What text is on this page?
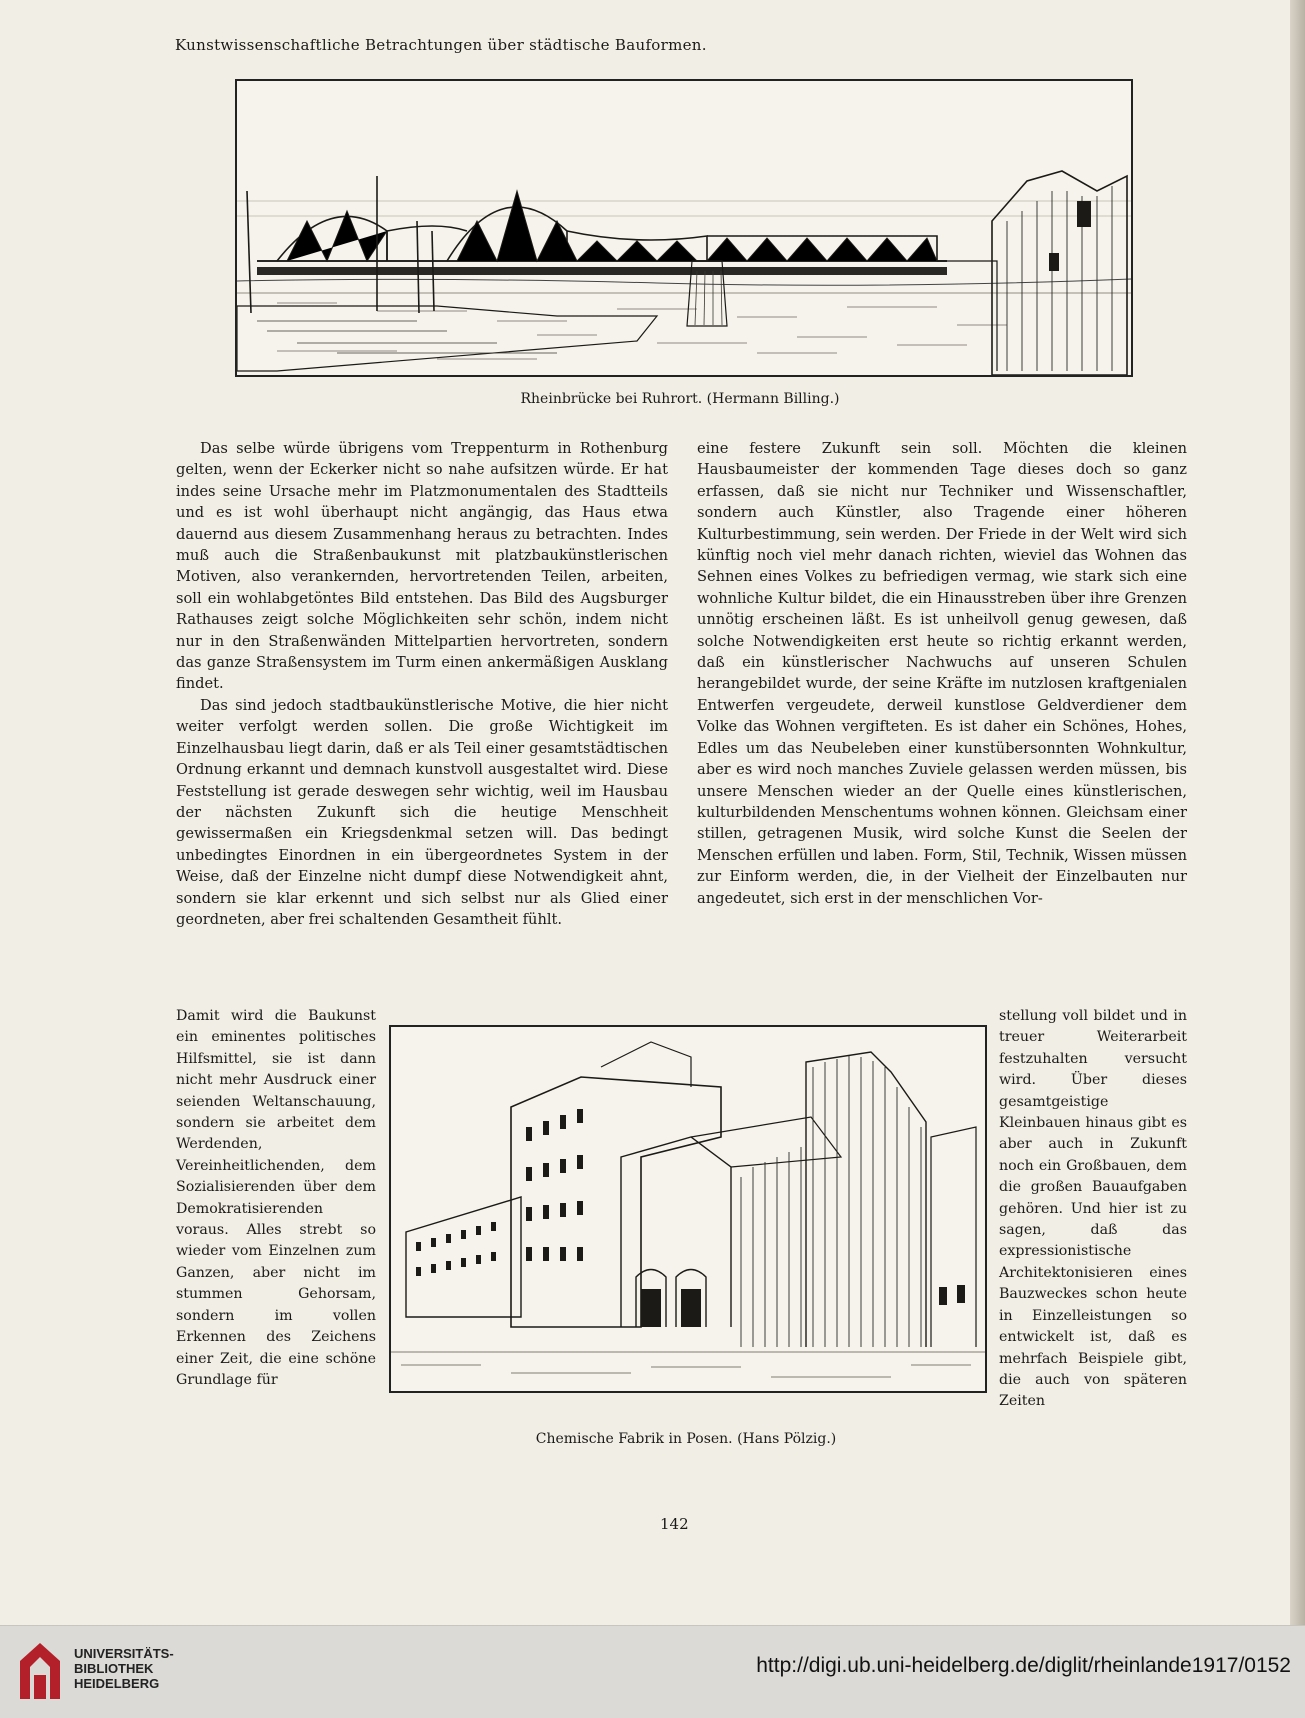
Kunstwissenschaftliche Betrachtungen über städtische Bauformen.
Rheinbrücke bei Ruhrort. (Hermann Billing.)

Das selbe würde übrigens vom Treppenturm in Rothenburg gelten, wenn der Eckerker nicht so nahe aufsitzen würde. Er hat indes seine Ursache mehr im Platzmonumentalen des Stadtteils und es ist wohl überhaupt nicht angängig, das Haus etwa dauernd aus diesem Zusammenhang heraus zu betrachten. Indes muß auch die Straßenbaukunst mit platzbaukünstlerischen Motiven, also verankernden, hervortretenden Teilen, arbeiten, soll ein wohlabgetöntes Bild entstehen. Das Bild des Augsburger Rathauses zeigt solche Möglichkeiten sehr schön, indem nicht nur in den Straßenwänden Mittelpartien hervortreten, sondern das ganze Straßensystem im Turm einen ankermäßigen Ausklang findet.

Das sind jedoch stadtbaukünstlerische Motive, die hier nicht weiter verfolgt werden sollen. Die große Wichtigkeit im Einzelhausbau liegt darin, daß er als Teil einer gesamtstädtischen Ordnung erkannt und demnach kunstvoll ausgestaltet wird. Diese Feststellung ist gerade deswegen sehr wichtig, weil im Hausbau der nächsten Zukunft sich die heutige Menschheit gewissermaßen ein Kriegsdenkmal setzen will. Das bedingt unbedingtes Einordnen in ein übergeordnetes System in der Weise, daß der Einzelne nicht dumpf diese Notwendigkeit ahnt, sondern sie klar erkennt und sich selbst nur als Glied einer geordneten, aber frei schaltenden Gesamtheit fühlt.

eine festere Zukunft sein soll. Möchten die kleinen Hausbaumeister der kommenden Tage dieses doch so ganz erfassen, daß sie nicht nur Techniker und Wissenschaftler, sondern auch Künstler, also Tragende einer höheren Kulturbestimmung, sein werden. Der Friede in der Welt wird sich künftig noch viel mehr danach richten, wieviel das Wohnen das Sehnen eines Volkes zu befriedigen vermag, wie stark sich eine wohnliche Kultur bildet, die ein Hinausstreben über ihre Grenzen unnötig erscheinen läßt. Es ist unheilvoll genug gewesen, daß solche Notwendigkeiten erst heute so richtig erkannt werden, daß ein künstlerischer Nachwuchs auf unseren Schulen herangebildet wurde, der seine Kräfte im nutzlosen kraftgenialen Entwerfen vergeudete, derweil kunstlose Geldverdiener dem Volke das Wohnen vergifteten. Es ist daher ein Schönes, Hohes, Edles um das Neubeleben einer kunstübersonnten Wohnkultur, aber es wird noch manches Zuviele gelassen werden müssen, bis unsere Menschen wieder an der Quelle eines künstlerischen, kulturbildenden Menschentums wohnen können. Gleichsam einer stillen, getragenen Musik, wird solche Kunst die Seelen der Menschen erfüllen und laben. Form, Stil, Technik, Wissen müssen zur Einform werden, die, in der Vielheit der Einzelbauten nur angedeutet, sich erst in der menschlichen Vor-

Damit wird die Baukunst ein eminentes politisches Hilfsmittel, sie ist dann nicht mehr Ausdruck einer seienden Weltanschauung, sondern sie arbeitet dem Werdenden, Vereinheitlichenden, dem Sozialisierenden über dem Demokratisierenden voraus. Alles strebt so wieder vom Einzelnen zum Ganzen, aber nicht im stummen Gehorsam, sondern im vollen Erkennen des Zeichens einer Zeit, die eine schöne Grundlage für

stellung voll bildet und in treuer Weiterarbeit festzuhalten versucht wird. Über dieses gesamtgeistige Kleinbauen hinaus gibt es aber auch in Zukunft noch ein Großbauen, dem die großen Bauaufgaben gehören. Und hier ist zu sagen, daß das expressionistische Architektonisieren eines Bauzweckes schon heute in Einzelleistungen so entwickelt ist, daß es mehrfach Beispiele gibt, die auch von späteren Zeiten

Chemische Fabrik in Posen. (Hans Pölzig.)
142
UNIVERSITÄTS-
BIBLIOTHEK
HEIDELBERG
http://digi.ub.uni-heidelberg.de/diglit/rheinlande1917/0152
